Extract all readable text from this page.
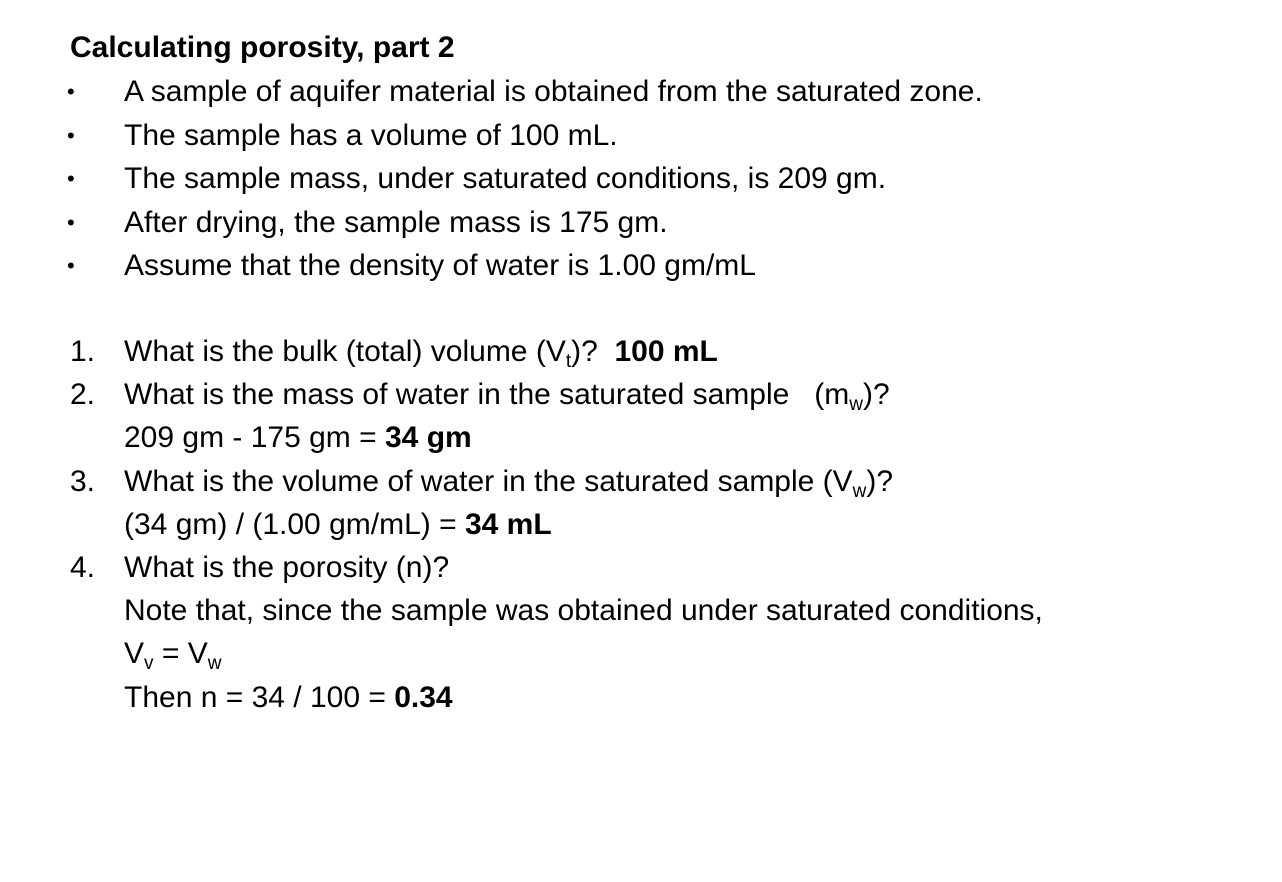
Calculating porosity, part 2
•	A sample of aquifer material is obtained from the saturated zone.
•	The sample has a volume of 100 mL.
•	The sample mass, under saturated conditions, is 209 gm.
•	After drying, the sample mass is 175 gm.
•	Assume that the density of water is 1.00 gm/mL
1. What is the bulk (total) volume $(V_t)$?  100 mL
2. What is the mass of water in the saturated sample   $(m_w)$?
209 gm - 175 gm = 34 gm
3. What is the volume of water in the saturated sample $(V_w)$?
(34 gm) / (1.00 gm/mL) = 34 mL
4. What is the porosity (n)?
Note that, since the sample was obtained under saturated conditions,
$V_v = V_w$
Then n = 34 / 100 = 0.34
